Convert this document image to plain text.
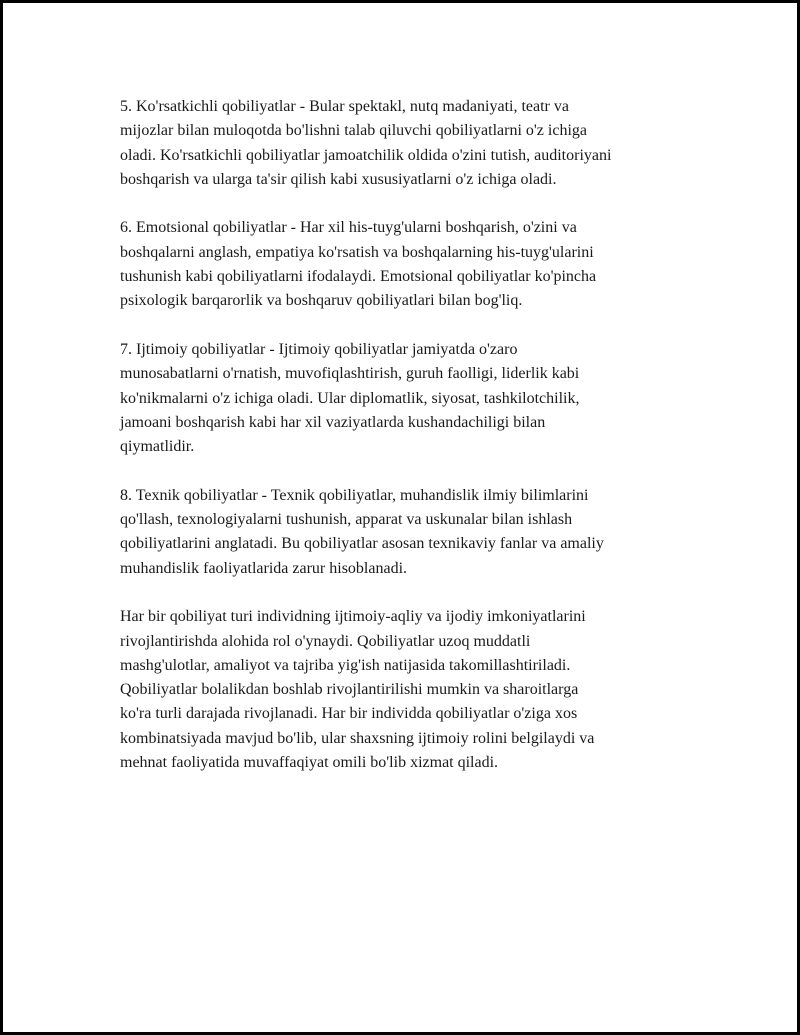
5. Ko'rsatkichli qobiliyatlar - Bular spektakl, nutq madaniyati, teatr va
mijozlar bilan muloqotda bo'lishni talab qiluvchi qobiliyatlarni o'z ichiga
oladi. Ko'rsatkichli qobiliyatlar jamoatchilik oldida o'zini tutish, auditoriyani
boshqarish va ularga ta'sir qilish kabi xususiyatlarni o'z ichiga oladi.

6. Emotsional qobiliyatlar - Har xil his-tuyg'ularni boshqarish, o'zini va
boshqalarni anglash, empatiya ko'rsatish va boshqalarning his-tuyg'ularini
tushunish kabi qobiliyatlarni ifodalaydi. Emotsional qobiliyatlar ko'pincha
psixologik barqarorlik va boshqaruv qobiliyatlari bilan bog'liq.

7. Ijtimoiy qobiliyatlar - Ijtimoiy qobiliyatlar jamiyatda o'zaro
munosabatlarni o'rnatish, muvofiqlashtirish, guruh faolligi, liderlik kabi
ko'nikmalarni o'z ichiga oladi. Ular diplomatlik, siyosat, tashkilotchilik,
jamoani boshqarish kabi har xil vaziyatlarda kushandachiligi bilan
qiymatlidir.

8. Texnik qobiliyatlar - Texnik qobiliyatlar, muhandislik ilmiy bilimlarini
qo'llash, texnologiyalarni tushunish, apparat va uskunalar bilan ishlash
qobiliyatlarini anglatadi. Bu qobiliyatlar asosan texnikaviy fanlar va amaliy
muhandislik faoliyatlarida zarur hisoblanadi.

Har bir qobiliyat turi individning ijtimoiy-aqliy va ijodiy imkoniyatlarini
rivojlantirishda alohida rol o'ynaydi. Qobiliyatlar uzoq muddatli
mashg'ulotlar, amaliyot va tajriba yig'ish natijasida takomillashtiriladi.
Qobiliyatlar bolalikdan boshlab rivojlantirilishi mumkin va sharoitlarga
ko'ra turli darajada rivojlanadi. Har bir individda qobiliyatlar o'ziga xos
kombinatsiyada mavjud bo'lib, ular shaxsning ijtimoiy rolini belgilaydi va
mehnat faoliyatida muvaffaqiyat omili bo'lib xizmat qiladi.
